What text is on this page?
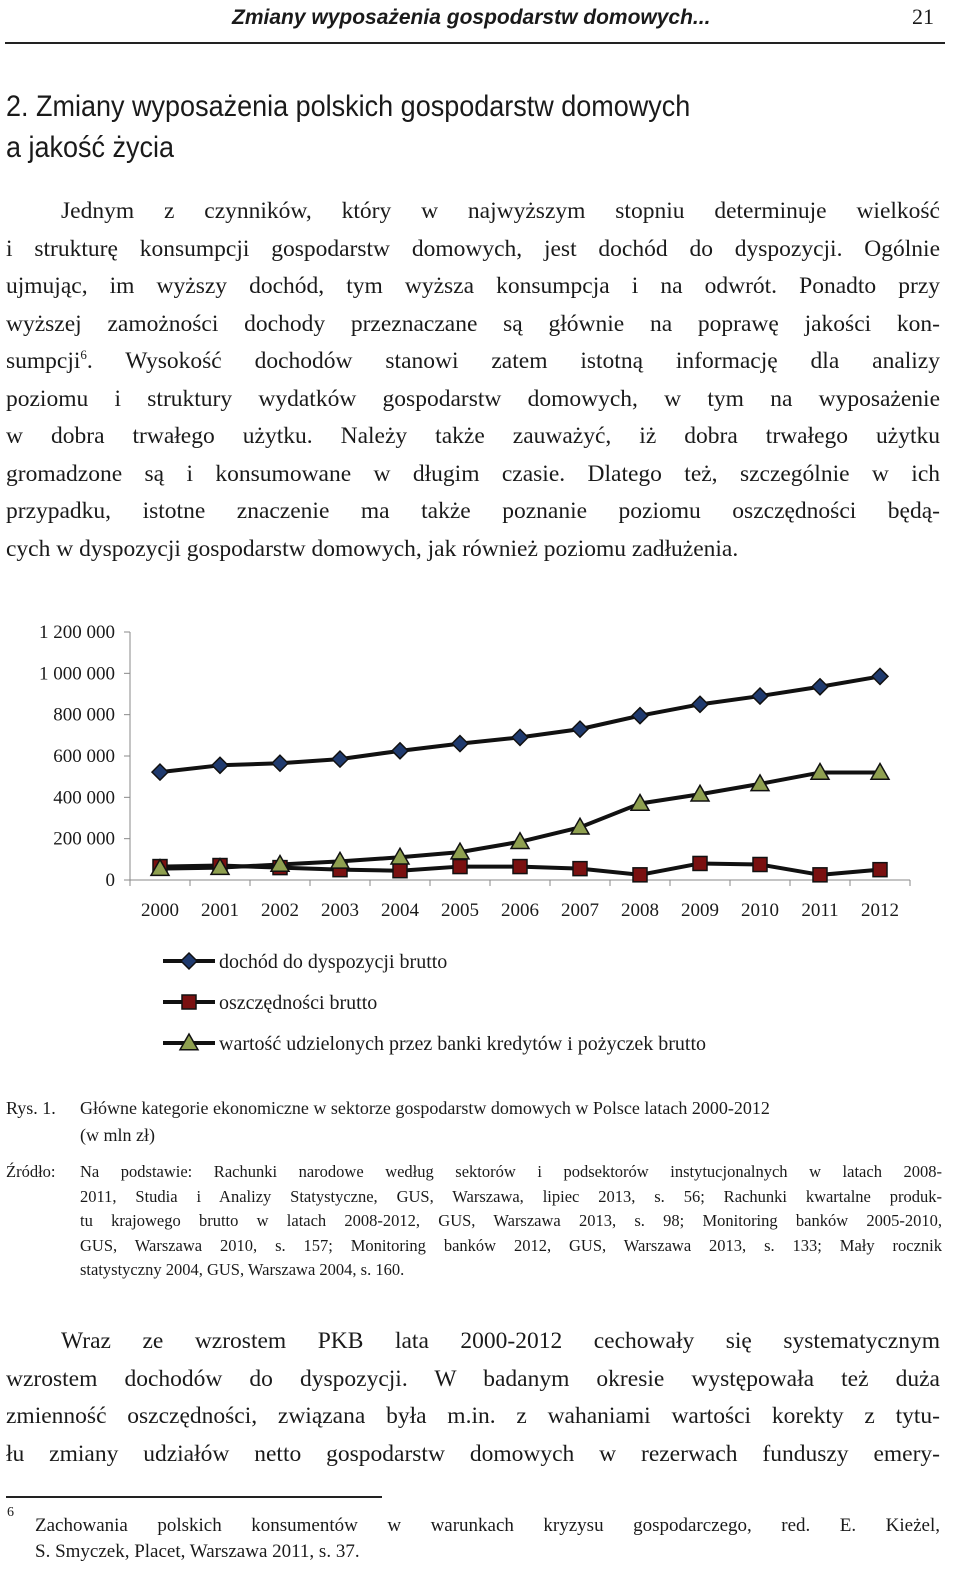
Zmiany wyposażenia gospodarstw domowych...	21
2. Zmiany wyposażenia polskich gospodarstw domowych
a jakość życia
Jednym z czynników, który w najwyższym stopniu determinuje wielkość
i strukturę konsumpcji gospodarstw domowych, jest dochód do dyspozycji. Ogólnie
ujmując, im wyższy dochód, tym wyższa konsumpcja i na odwrót. Ponadto przy
wyższej zamożności dochody przeznaczane są głównie na poprawę jakości kon-
sumpcji$^6$. Wysokość dochodów stanowi zatem istotną informację dla analizy
poziomu i struktury wydatków gospodarstw domowych, w tym na wyposażenie
w dobra trwałego użytku. Należy także zauważyć, iż dobra trwałego użytku
gromadzone są i konsumowane w długim czasie. Dlatego też, szczególnie w ich
przypadku, istotne znaczenie ma także poznanie poziomu oszczędności będą-
cych w dyspozycji gospodarstw domowych, jak również poziomu zadłużenia.
0
200 000
400 000
600 000
800 000
1 000 000
1 200 000
2000 2001 2002 2003 2004 2005 2006 2007 2008 2009 2010 2011 2012
dochód do dyspozycji brutto
oszczędności brutto
wartość udzielonych przez banki kredytów i pożyczek brutto
Rys. 1. Główne kategorie ekonomiczne w sektorze gospodarstw domowych w Polsce latach 2000-2012
(w mln zł)
Źródło: Na podstawie: Rachunki narodowe według sektorów i podsektorów instytucjonalnych w latach 2008-
2011, Studia i Analizy Statystyczne, GUS, Warszawa, lipiec 2013, s. 56; Rachunki kwartalne produk-
tu krajowego brutto w latach 2008-2012, GUS, Warszawa 2013, s. 98; Monitoring banków 2005-2010,
GUS, Warszawa 2010, s. 157; Monitoring banków 2012, GUS, Warszawa 2013, s. 133; Mały rocznik
statystyczny 2004, GUS, Warszawa 2004, s. 160.
Wraz ze wzrostem PKB lata 2000-2012 cechowały się systematycznym
wzrostem dochodów do dyspozycji. W badanym okresie występowała też duża
zmienność oszczędności, związana była m.in. z wahaniami wartości korekty z tytu-
łu zmiany udziałów netto gospodarstw domowych w rezerwach funduszy emery-
6
Zachowania polskich konsumentów w warunkach kryzysu gospodarczego, red. E. Kieżel,
S. Smyczek, Placet, Warszawa 2011, s. 37.
